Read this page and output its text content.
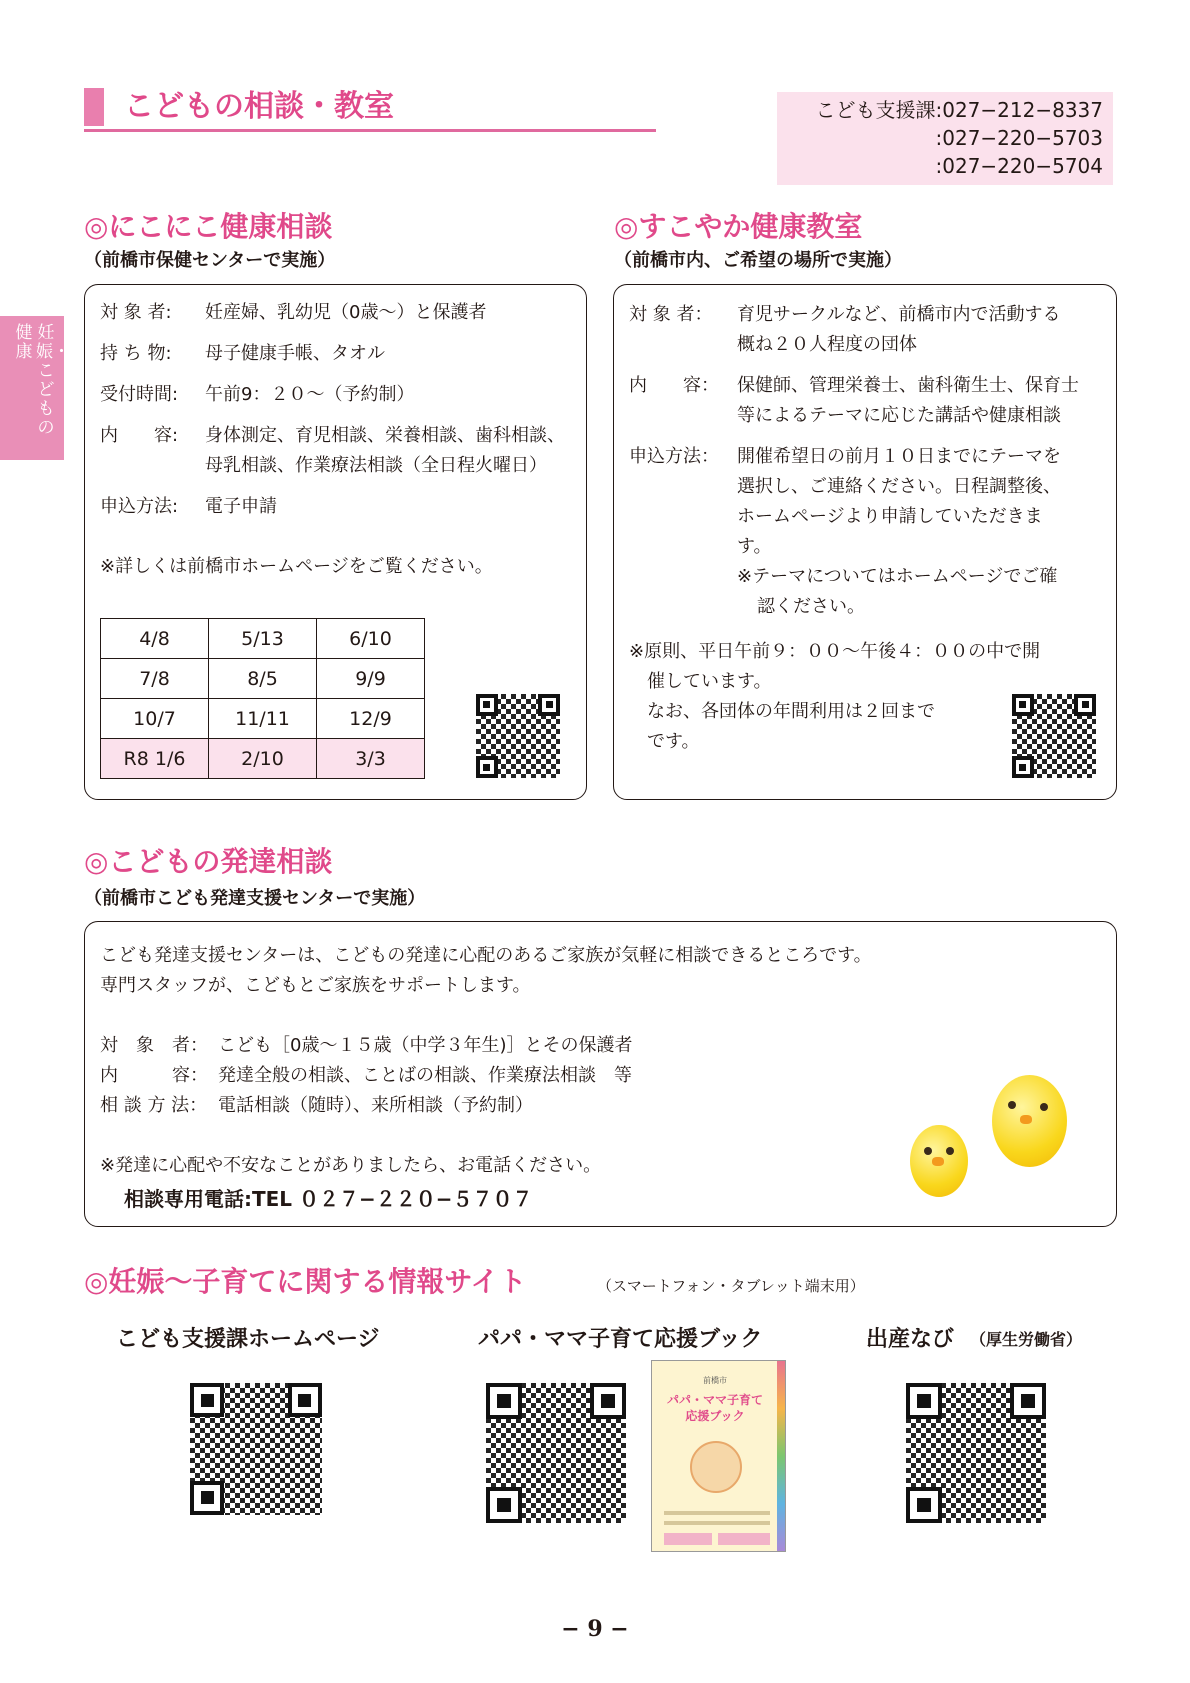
こどもの相談・教室	こども支援課:027−212−8337
:027−220−5703
:027−220−5704
妊娠・こどもの
健康
◎にこにこ健康相談
（前橋市保健センターで実施）
対 象 者: 妊産婦、乳幼児（0歳〜）と保護者
持 ち 物: 母子健康手帳、タオル
受付時間: 午前9：２０〜（予約制）
内　　容: 身体測定、育児相談、栄養相談、歯科相談、
母乳相談、作業療法相談（全日程火曜日）
申込方法: 電子申請
※詳しくは前橋市ホームページをご覧ください。
4/8	5/13	6/10
7/8	8/5	9/9
10/7	11/11	12/9
R8 1/6	2/10	3/3
◎すこやか健康教室
（前橋市内、ご希望の場所で実施）
対 象 者： 育児サークルなど、前橋市内で活動する
概ね２０人程度の団体
内　　容： 保健師、管理栄養士、歯科衛生士、保育士
等によるテーマに応じた講話や健康相談
申込方法： 開催希望日の前月１０日までにテーマを
選択し、ご連絡ください。日程調整後、
ホームページより申請していただきま
す。
※テーマについてはホームページでご確
認ください。
※原則、平日午前９：００〜午後４：００の中で開
催しています。
なお、各団体の年間利用は２回まで
です。
◎こどもの発達相談
（前橋市こども発達支援センターで実施）
こども発達支援センターは、こどもの発達に心配のあるご家族が気軽に相談できるところです。
専門スタッフが、こどもとご家族をサポートします。
対　象　者： こども［0歳〜１５歳（中学３年生)］とその保護者
内　　　容： 発達全般の相談、ことばの相談、作業療法相談　等
相 談 方 法： 電話相談（随時）、来所相談（予約制）
※発達に心配や不安なことがありましたら、お電話ください。
相談専用電話:TEL ０２７−２２０−５７０７
◎妊娠〜子育てに関する情報サイト	（スマートフォン・タブレット端末用）
こども支援課ホームページ	パパ・ママ子育て応援ブック	出産なび （厚生労働省）
前橋市
パパ・ママ子育て
応援ブック
− 9 −
